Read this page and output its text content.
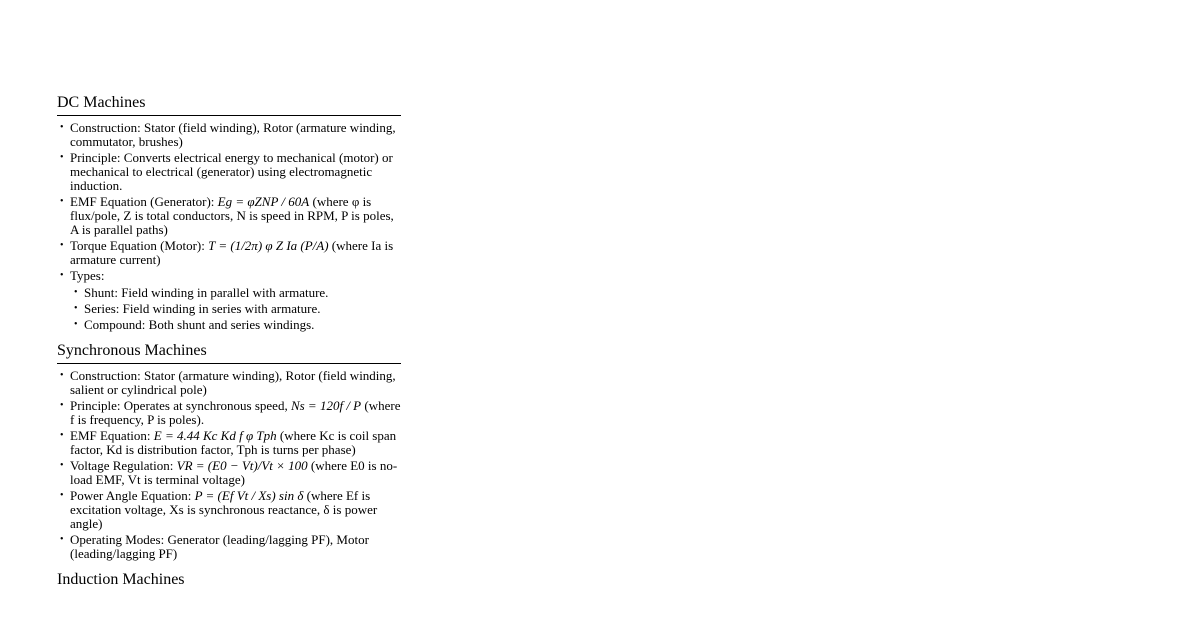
DC Machines
• Construction: Stator (field winding), Rotor (armature winding, commutator, brushes)
• Principle: Converts electrical energy to mechanical (motor) or mechanical to electrical (generator) using electromagnetic induction.
• EMF Equation (Generator): Eg = φZNP / 60A (where φ is flux/pole, Z is total conductors, N is speed in RPM, P is poles, A is parallel paths)
• Torque Equation (Motor): T = (1/2π) φ Z Ia (P/A) (where Ia is armature current)
• Types:
• Shunt: Field winding in parallel with armature.
• Series: Field winding in series with armature.
• Compound: Both shunt and series windings.
Synchronous Machines
• Construction: Stator (armature winding), Rotor (field winding, salient or cylindrical pole)
• Principle: Operates at synchronous speed, Ns = 120f / P (where f is frequency, P is poles).
• EMF Equation: E = 4.44 Kc Kd f φ Tph (where Kc is coil span factor, Kd is distribution factor, Tph is turns per phase)
• Voltage Regulation: VR = (E0 − Vt)/Vt × 100 (where E0 is no-load EMF, Vt is terminal voltage)
• Power Angle Equation: P = (Ef Vt / Xs) sin δ (where Ef is excitation voltage, Xs is synchronous reactance, δ is power angle)
• Operating Modes: Generator (leading/lagging PF), Motor (leading/lagging PF)
Induction Machines
